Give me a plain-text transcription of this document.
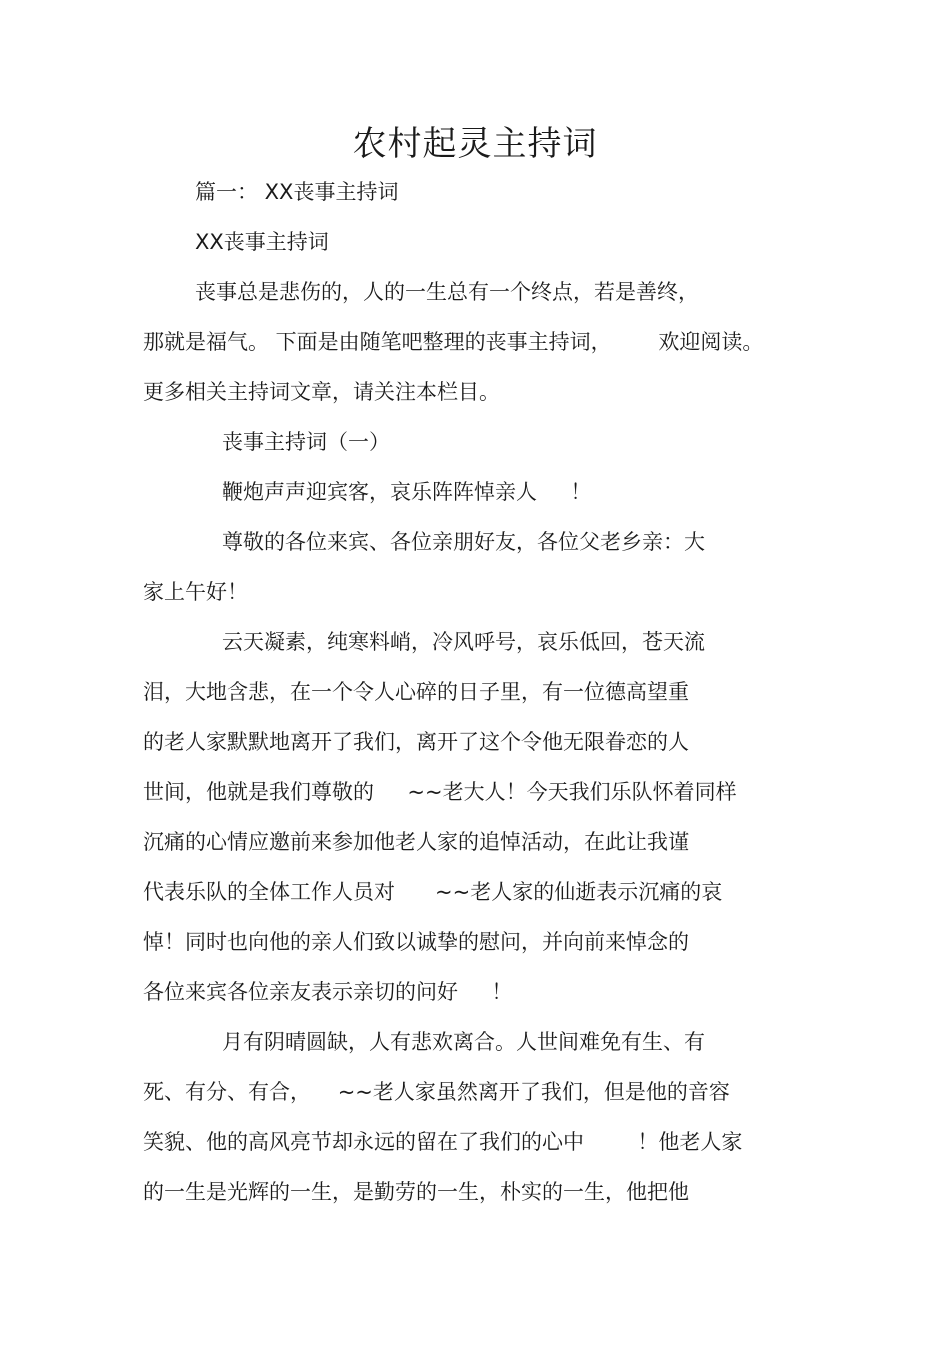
农村起灵主持词
篇一： XX丧事主持词
XX丧事主持词
丧事总是悲伤的，人的一生总有一个终点，若是善终，
那就是福气。 下面是由随笔吧整理的丧事主持词，       欢迎阅读。
更多相关主持词文章，请关注本栏目。
丧事主持词（一）
鞭炮声声迎宾客，哀乐阵阵悼亲人     ！
尊敬的各位来宾、各位亲朋好友，各位父老乡亲：大
家上午好！
云天凝素，纯寒料峭，冷风呼号，哀乐低回，苍天流
泪，大地含悲，在一个令人心碎的日子里，有一位德高望重
的老人家默默地离开了我们，离开了这个令他无限眷恋的人
世间，他就是我们尊敬的     ~~老大人！今天我们乐队怀着同样
沉痛的心情应邀前来参加他老人家的追悼活动，在此让我谨
代表乐队的全体工作人员对      ~~老人家的仙逝表示沉痛的哀
悼！同时也向他的亲人们致以诚挚的慰问，并向前来悼念的
各位来宾各位亲友表示亲切的问好     ！
月有阴晴圆缺，人有悲欢离合。人世间难免有生、有
死、有分、有合，    ~~老人家虽然离开了我们，但是他的音容
笑貌、他的高风亮节却永远的留在了我们的心中        ！他老人家
的一生是光辉的一生，是勤劳的一生，朴实的一生，他把他
